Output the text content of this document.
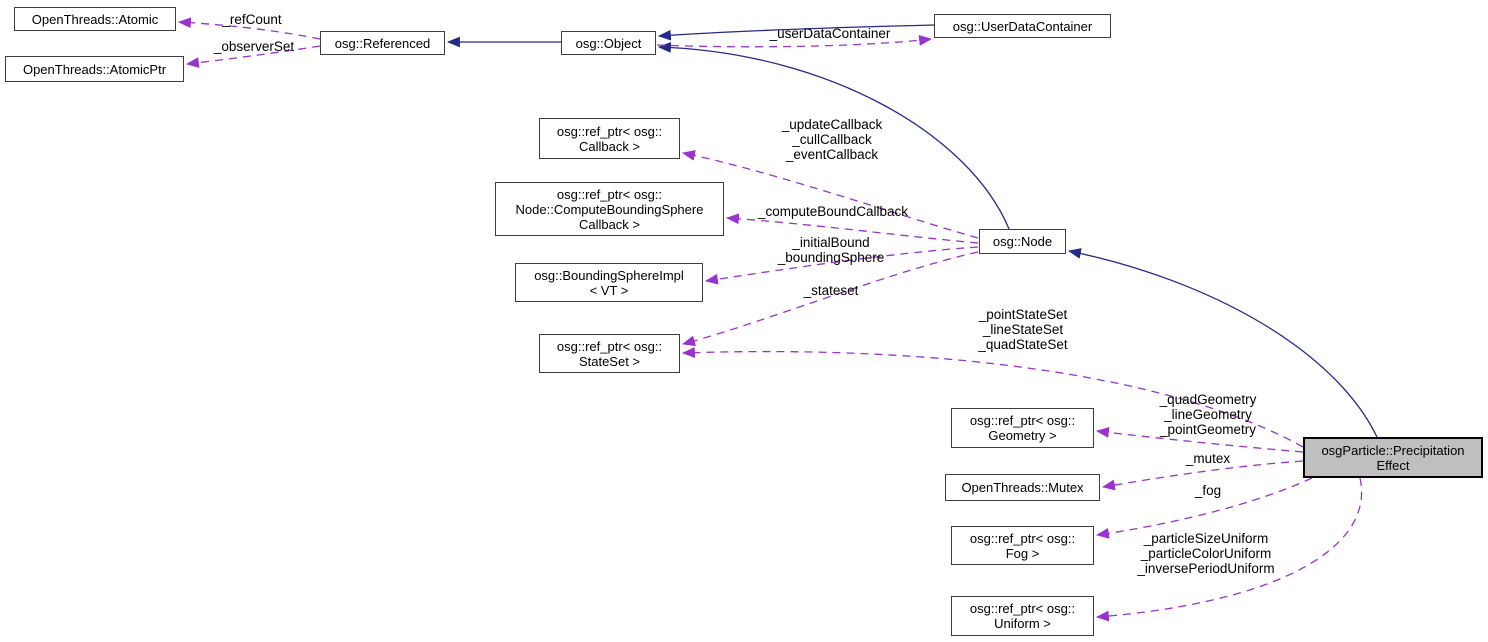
OpenThreads::Atomic
OpenThreads::AtomicPtr
osg::Referenced	osg::Object
osg::UserDataContainer
osg::ref_ptr< osg::
Callback >
osg::ref_ptr< osg::
Node::ComputeBoundingSphere
Callback >
osg::BoundingSphereImpl
< VT >
osg::ref_ptr< osg::
StateSet >
osg::Node
osg::ref_ptr< osg::
Geometry >
OpenThreads::Mutex
osg::ref_ptr< osg::
Fog >
osg::ref_ptr< osg::
Uniform >
osgParticle::Precipitation
Effect
_refCount
_observerSet
_userDataContainer
_updateCallback
_cullCallback
_eventCallback
_computeBoundCallback
_initialBound
_boundingSphere
_stateset
_pointStateSet
_lineStateSet
_quadStateSet
_quadGeometry
_lineGeometry
_pointGeometry
_mutex
_fog
_particleSizeUniform
_particleColorUniform
_inversePeriodUniform
